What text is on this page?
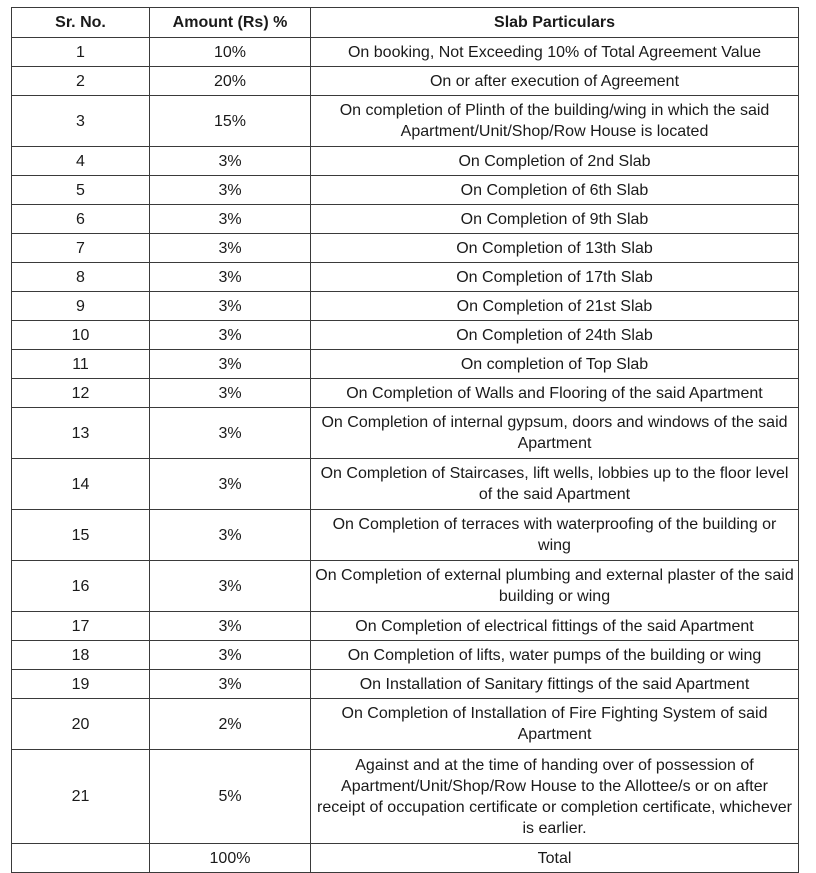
Sr. No.	Amount (Rs) %	Slab Particulars
1	10%	On booking, Not Exceeding 10% of Total Agreement Value
2	20%	On or after execution of Agreement
3	15%	On completion of Plinth of the building/wing in which the said Apartment/Unit/Shop/Row House is located
4	3%	On Completion of 2nd Slab
5	3%	On Completion of 6th Slab
6	3%	On Completion of 9th Slab
7	3%	On Completion of 13th Slab
8	3%	On Completion of 17th Slab
9	3%	On Completion of 21st Slab
10	3%	On Completion of 24th Slab
11	3%	On completion of Top Slab
12	3%	On Completion of Walls and Flooring of the said Apartment
13	3%	On Completion of internal gypsum, doors and windows of the said Apartment
14	3%	On Completion of Staircases, lift wells, lobbies up to the floor level of the said Apartment
15	3%	On Completion of terraces with waterproofing of the building or wing
16	3%	On Completion of external plumbing and external plaster of the said building or wing
17	3%	On Completion of electrical fittings of the said Apartment
18	3%	On Completion of lifts, water pumps of the building or wing
19	3%	On Installation of Sanitary fittings of the said Apartment
20	2%	On Completion of Installation of Fire Fighting System of said Apartment
21	5%	Against and at the time of handing over of possession of Apartment/Unit/Shop/Row House to the Allottee/s or on after receipt of occupation certificate or completion certificate, whichever is earlier.
	100%	Total
